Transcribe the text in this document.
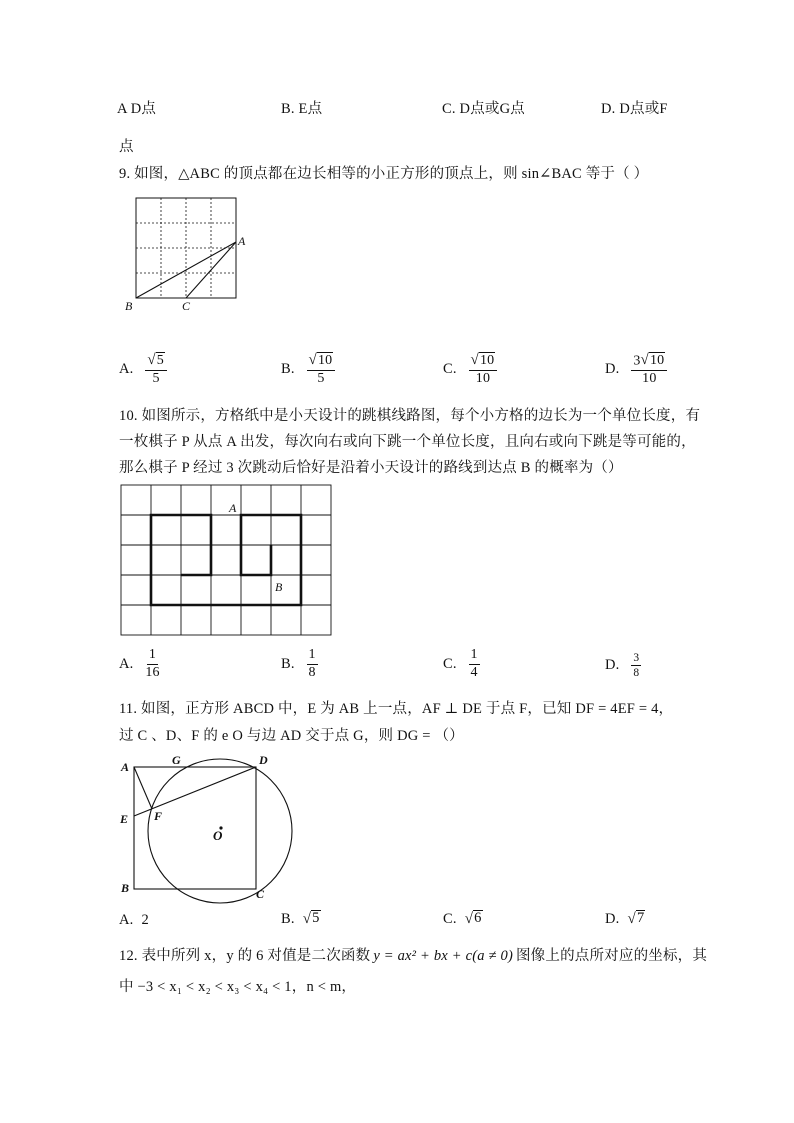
A D点	B. E点	C. D点或G点	D. D点或F
点
9. 如图，△ABC 的顶点都在边长相等的小正方形的顶点上，则 sin∠BAC 等于（ ）
A
B	C
A. $\frac{√ 5}{5}$	B. $\frac{√ 10}{5}$	C. $\frac{√ 10}{10}$	D. $\frac{3 √ 10}{10}$
10. 如图所示，方格纸中是小天设计的跳棋线路图，每个小方格的边长为一个单位长度，有
一枚棋子 P 从点 A 出发，每次向右或向下跳一个单位长度，且向右或向下跳是等可能的，
那么棋子 P 经过 3 次跳动后恰好是沿着小天设计的路线到达点 B 的概率为（）
A
B
A. $\frac{1}{16}$	B. $\frac{1}{8}$	C. $\frac{1}{4}$	D. $\frac{3}{8}$
11. 如图，正方形 ABCD 中，E 为 AB 上一点，AF ⊥ DE 于点 F，已知 DF = 4EF = 4，
过 C 、D、F 的 e O 与边 AD 交于点 G，则 DG = （）
A	G	D
E F
O
B	C
A. 2	B. √ 5	C. √ 6	D. √ 7
12. 表中所列 x，y 的 6 对值是二次函数 y = ax² + bx + c(a ≠ 0) 图像上的点所对应的坐标，其
中 −3 < x₁ < x₂ < x₃ < x₄ < 1，n < m，
